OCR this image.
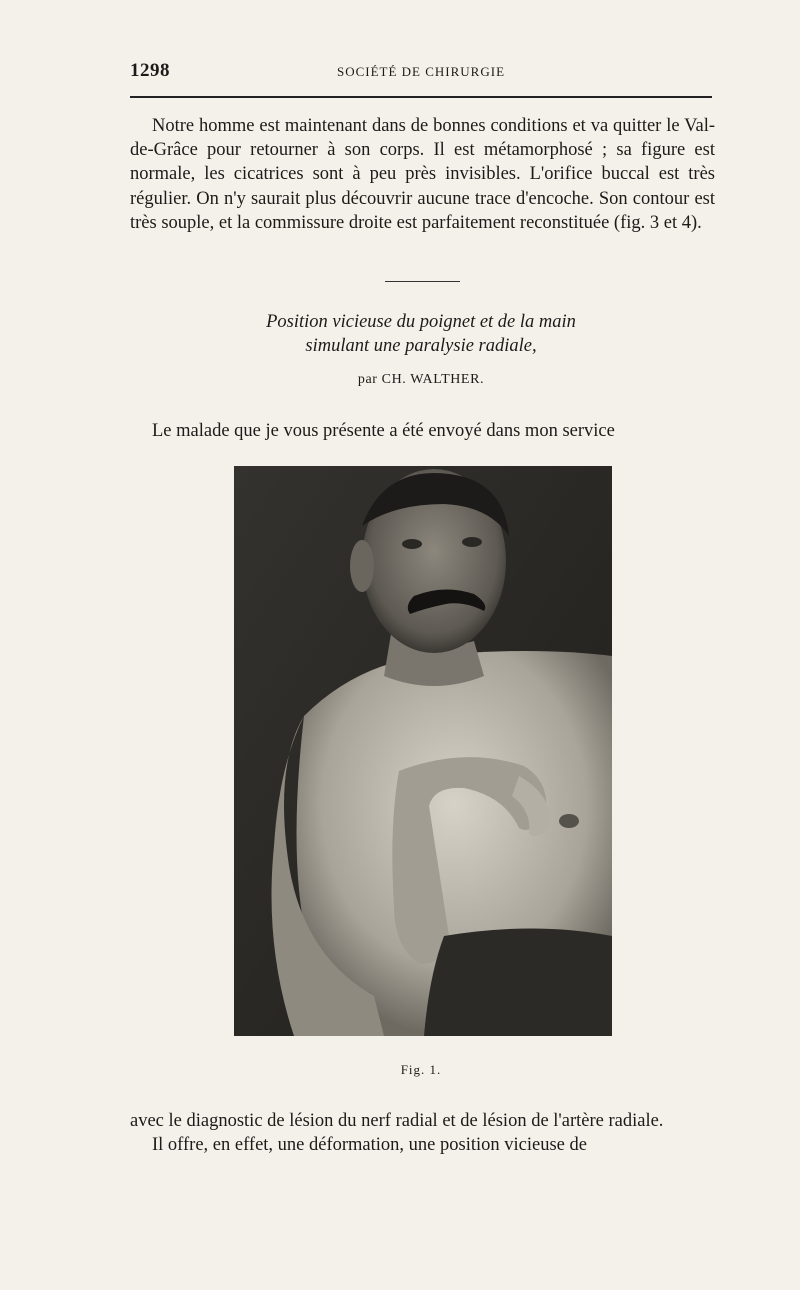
1298	SOCIÉTÉ DE CHIRURGIE

Notre homme est maintenant dans de bonnes conditions et va quitter le Val-de-Grâce pour retourner à son corps. Il est métamorphosé ; sa figure est normale, les cicatrices sont à peu près invisibles. L'orifice buccal est très régulier. On n'y saurait plus découvrir aucune trace d'encoche. Son contour est très souple, et la commissure droite est parfaitement reconstituée (fig. 3 et 4).

Position vicieuse du poignet et de la main
simulant une paralysie radiale,
par CH. WALTHER.

Le malade que je vous présente a été envoyé dans mon service

Fig. 1.

avec le diagnostic de lésion du nerf radial et de lésion de l'artère radiale.

Il offre, en effet, une déformation, une position vicieuse de
